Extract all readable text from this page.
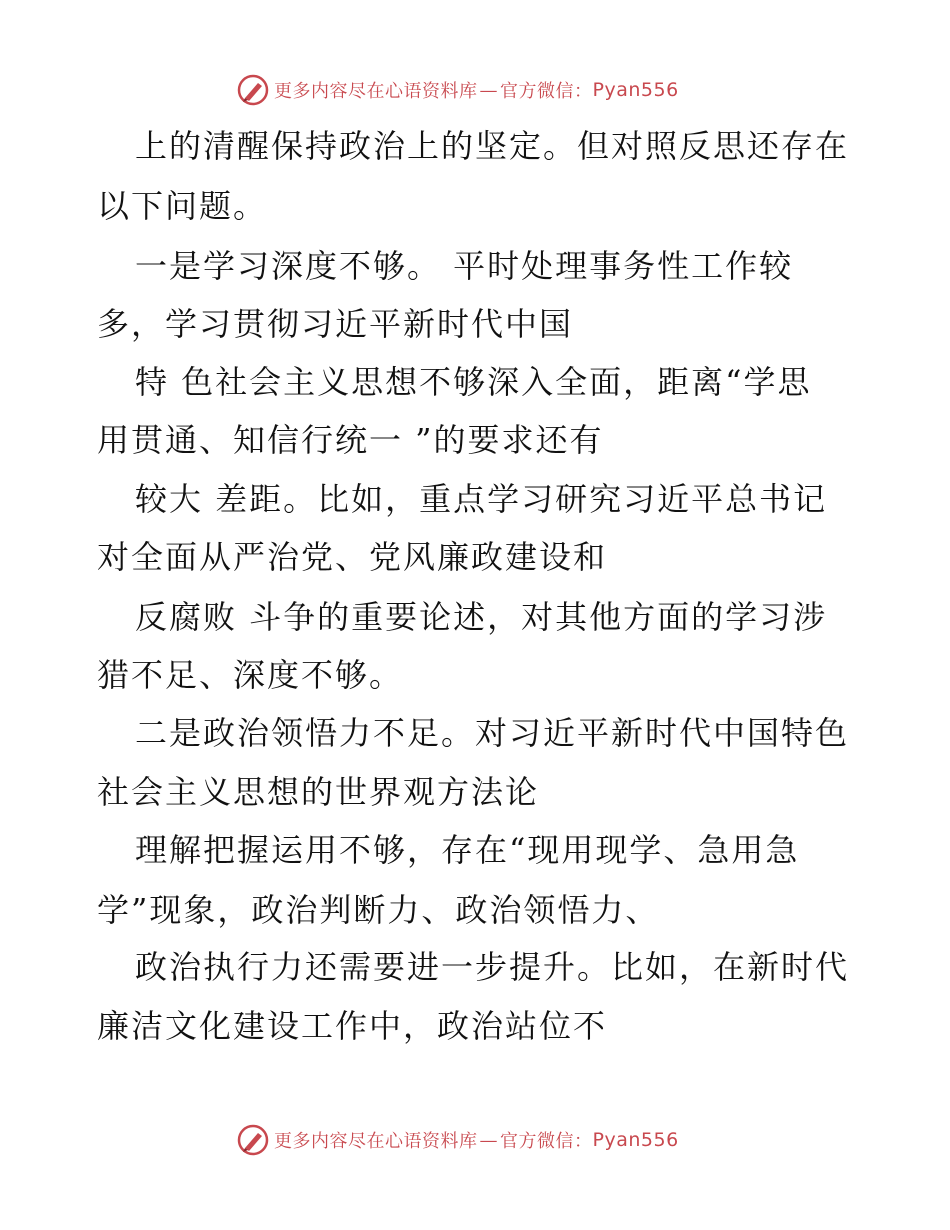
更多内容尽在心语资料库 — 官方微信： Pyan556
上的清醒保持政治上的坚定。但对照反思还存在
以下问题。
一是学习深度不够。 平时处理事务性工作较
多，学习贯彻习近平新时代中国
特 色社会主义思想不够深入全面，距离“学思
用贯通、知信行统一 ”的要求还有
较大 差距。比如，重点学习研究习近平总书记
对全面从严治党、党风廉政建设和
反腐败 斗争的重要论述，对其他方面的学习涉
猎不足、深度不够。
二是政治领悟力不足。对习近平新时代中国特色
社会主义思想的世界观方法论
理解把握运用不够，存在“现用现学、急用急
学”现象，政治判断力、政治领悟力、
政治执行力还需要进一步提升。比如，在新时代
廉洁文化建设工作中，政治站位不
更多内容尽在心语资料库 — 官方微信： Pyan556
